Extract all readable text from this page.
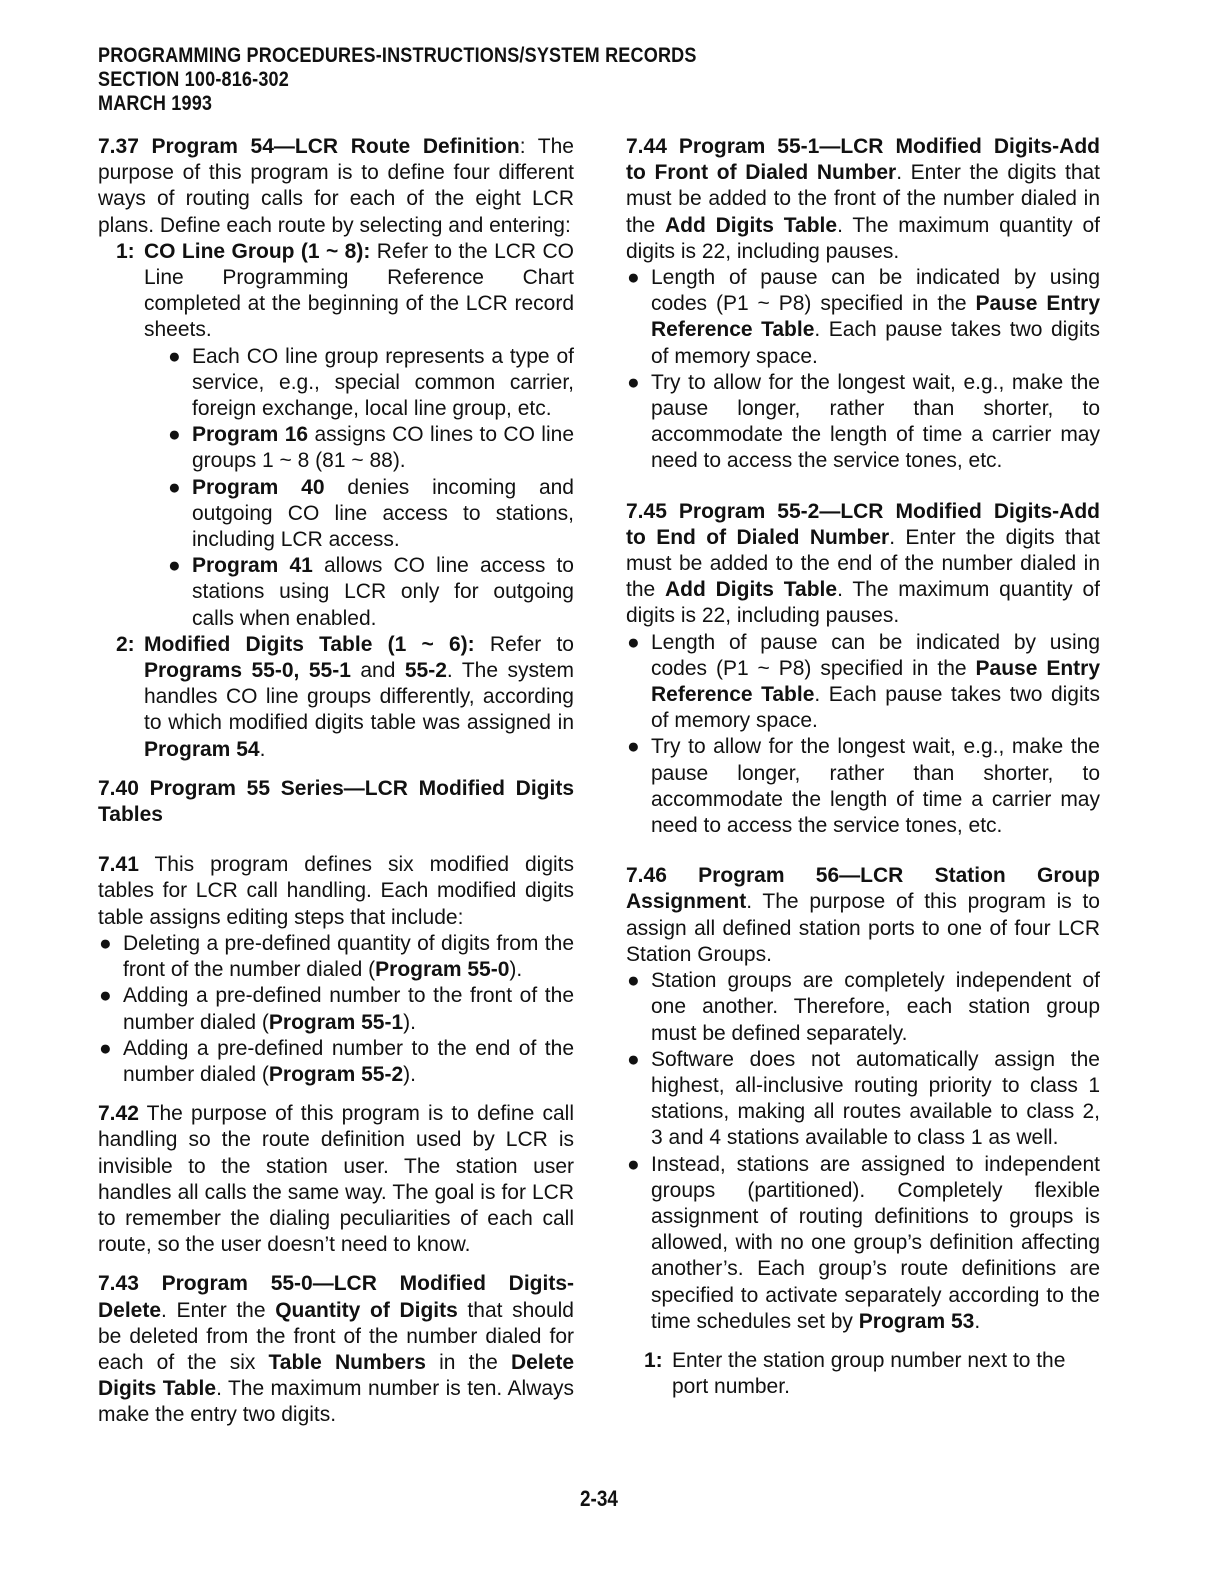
PROGRAMMING PROCEDURES-INSTRUCTIONS/SYSTEM RECORDS
SECTION 100-816-302
MARCH 1993

7.37 Program 54—LCR Route Definition: The purpose of this program is to define four different ways of routing calls for each of the eight LCR plans. Define each route by selecting and entering:

1: CO Line Group (1 ~ 8): Refer to the LCR CO Line Programming Reference Chart completed at the beginning of the LCR record sheets.
● Each CO line group represents a type of service, e.g., special common carrier, foreign exchange, local line group, etc.
● Program 16 assigns CO lines to CO line groups 1 ~ 8 (81 ~ 88).
● Program 40 denies incoming and outgoing CO line access to stations, including LCR access.
● Program 41 allows CO line access to stations using LCR only for outgoing calls when enabled.
2: Modified Digits Table (1 ~ 6): Refer to Programs 55-0, 55-1 and 55-2. The system handles CO line groups differently, according to which modified digits table was assigned in Program 54.

7.40 Program 55 Series—LCR Modified Digits Tables

7.41 This program defines six modified digits tables for LCR call handling. Each modified digits table assigns editing steps that include:

● Deleting a pre-defined quantity of digits from the front of the number dialed (Program 55-0).
● Adding a pre-defined number to the front of the number dialed (Program 55-1).
● Adding a pre-defined number to the end of the number dialed (Program 55-2).

7.42 The purpose of this program is to define call handling so the route definition used by LCR is invisible to the station user. The station user handles all calls the same way. The goal is for LCR to remember the dialing peculiarities of each call route, so the user doesn’t need to know.

7.43 Program 55-0—LCR Modified Digits-Delete. Enter the Quantity of Digits that should be deleted from the front of the number dialed for each of the six Table Numbers in the Delete Digits Table. The maximum number is ten. Always make the entry two digits.

7.44 Program 55-1—LCR Modified Digits-Add to Front of Dialed Number. Enter the digits that must be added to the front of the number dialed in the Add Digits Table. The maximum quantity of digits is 22, including pauses.

● Length of pause can be indicated by using codes (P1 ~ P8) specified in the Pause Entry Reference Table. Each pause takes two digits of memory space.
● Try to allow for the longest wait, e.g., make the pause longer, rather than shorter, to accommodate the length of time a carrier may need to access the service tones, etc.

7.45 Program 55-2—LCR Modified Digits-Add to End of Dialed Number. Enter the digits that must be added to the end of the number dialed in the Add Digits Table. The maximum quantity of digits is 22, including pauses.

● Length of pause can be indicated by using codes (P1 ~ P8) specified in the Pause Entry Reference Table. Each pause takes two digits of memory space.
● Try to allow for the longest wait, e.g., make the pause longer, rather than shorter, to accommodate the length of time a carrier may need to access the service tones, etc.

7.46 Program 56—LCR Station Group Assignment. The purpose of this program is to assign all defined station ports to one of four LCR Station Groups.

● Station groups are completely independent of one another. Therefore, each station group must be defined separately.
● Software does not automatically assign the highest, all-inclusive routing priority to class 1 stations, making all routes available to class 2, 3 and 4 stations available to class 1 as well.
● Instead, stations are assigned to independent groups (partitioned). Completely flexible assignment of routing definitions to groups is allowed, with no one group’s definition affecting another’s. Each group’s route definitions are specified to activate separately according to the time schedules set by Program 53.
1: Enter the station group number next to the port number.
2-34
